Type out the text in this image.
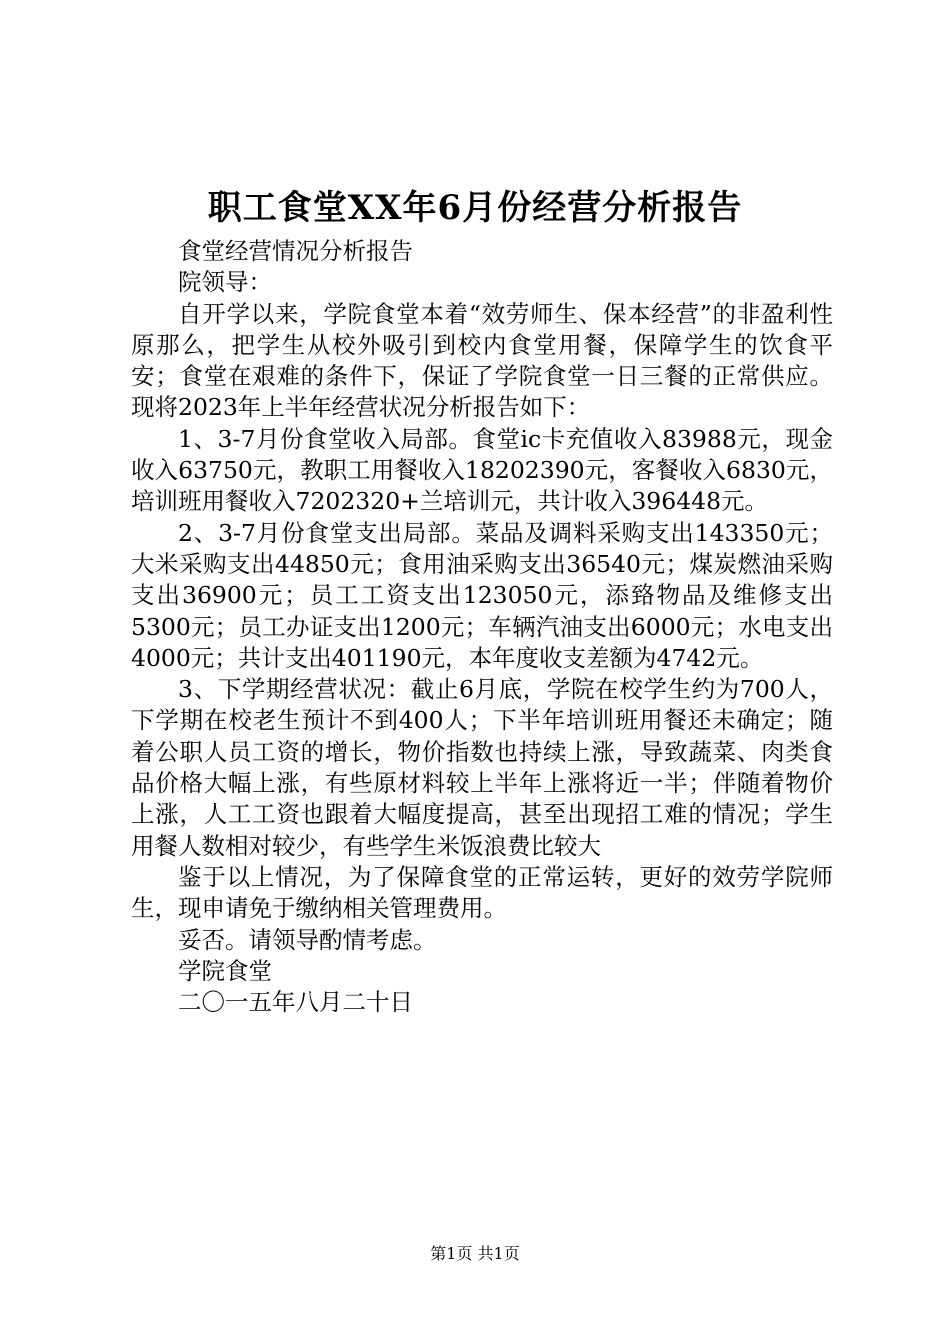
职工食堂XX年6月份经营分析报告

食堂经营情况分析报告

院领导：

自开学以来，学院食堂本着“效劳师生、保本经营”的非盈利性原那么，把学生从校外吸引到校内食堂用餐，保障学生的饮食平安；食堂在艰难的条件下，保证了学院食堂一日三餐的正常供应。现将2023年上半年经营状况分析报告如下：

1、3-7月份食堂收入局部。食堂ic卡充值收入83988元，现金收入63750元，教职工用餐收入18202390元，客餐收入6830元，培训班用餐收入7202320+兰培训元，共计收入396448元。

2、3-7月份食堂支出局部。菜品及调料采购支出143350元；大米采购支出44850元；食用油采购支出36540元；煤炭燃油采购支出36900元；员工工资支出123050元，添臵物品及维修支出5300元；员工办证支出1200元；车辆汽油支出6000元；水电支出4000元；共计支出401190元，本年度收支差额为4742元。

3、下学期经营状况：截止6月底，学院在校学生约为700人，下学期在校老生预计不到400人；下半年培训班用餐还未确定；随着公职人员工资的增长，物价指数也持续上涨，导致蔬菜、肉类食品价格大幅上涨，有些原材料较上半年上涨将近一半；伴随着物价上涨，人工工资也跟着大幅度提高，甚至出现招工难的情况；学生用餐人数相对较少，有些学生米饭浪费比较大

鉴于以上情况，为了保障食堂的正常运转，更好的效劳学院师生，现申请免于缴纳相关管理费用。

妥否。请领导酌情考虑。

学院食堂

二〇一五年八月二十日

第1页 共1页
